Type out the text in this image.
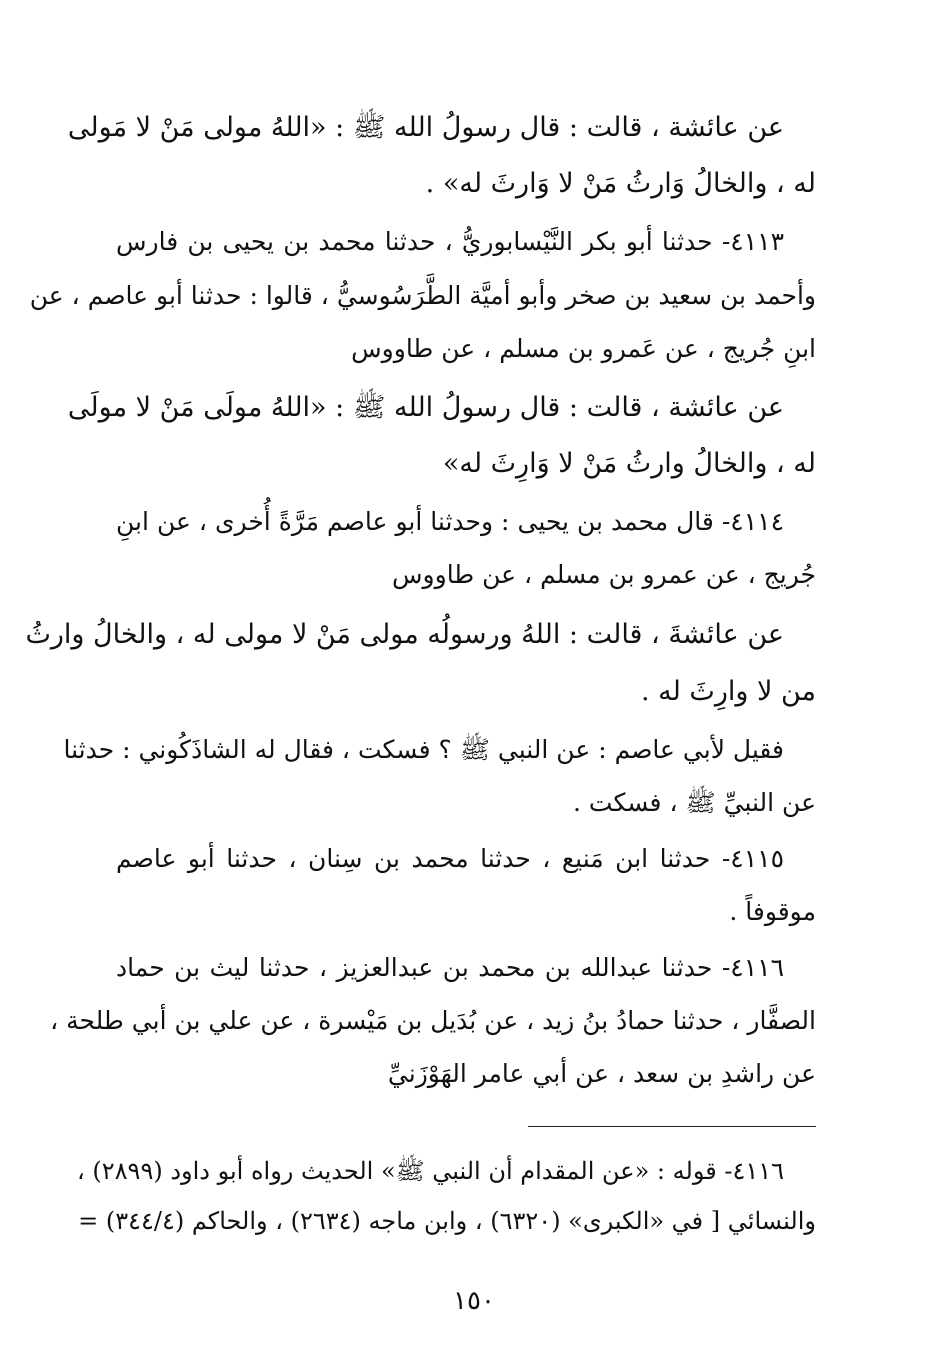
عن عائشة ، قالت : قال رسولُ الله ﷺ : «اللهُ مولى مَنْ لا مَولى
له ، والخالُ وَارثُ مَنْ لا وَارثَ له» .
٤١١٣- حدثنا أبو بكر النَّيْسابوريُّ ، حدثنا محمد بن يحيى بن فارس
وأحمد بن سعيد بن صخر وأبو أميَّة الطَّرَسُوسيُّ ، قالوا : حدثنا أبو عاصم ، عن
ابنِ جُريج ، عن عَمرو بن مسلم ، عن طاووس
عن عائشة ، قالت : قال رسولُ الله ﷺ : «اللهُ مولَى مَنْ لا مولَى
له ، والخالُ وارثُ مَنْ لا وَارِثَ له»
٤١١٤- قال محمد بن يحيى : وحدثنا أبو عاصم مَرَّةً أُخرى ، عن ابنِ
جُريج ، عن عمرو بن مسلم ، عن طاووس
عن عائشةَ ، قالت : اللهُ ورسولُه مولى مَنْ لا مولى له ، والخالُ وارثُ
من لا وارِثَ له .
فقيل لأبي عاصم : عن النبي ﷺ ؟ فسكت ، فقال له الشاذَكُوني : حدثنا
عن النبيِّ ﷺ ، فسكت .
٤١١٥- حدثنا ابن مَنيع ، حدثنا محمد بن سِنان ، حدثنا أبو عاصم
موقوفاً .
٤١١٦- حدثنا عبدالله بن محمد بن عبدالعزيز ، حدثنا ليث بن حماد
الصفَّار ، حدثنا حمادُ بنُ زيد ، عن بُدَيل بن مَيْسرة ، عن علي بن أبي طلحة ،
عن راشدِ بن سعد ، عن أبي عامر الهَوْزَنيِّ
٤١١٦- قوله : «عن المقدام أن النبي ﷺ» الحديث رواه أبو داود (٢٨٩٩) ،
والنسائي [ في «الكبرى» (٦٣٢٠) ، وابن ماجه (٢٦٣٤) ، والحاكم (٣٤٤/٤) =
١٥٠
